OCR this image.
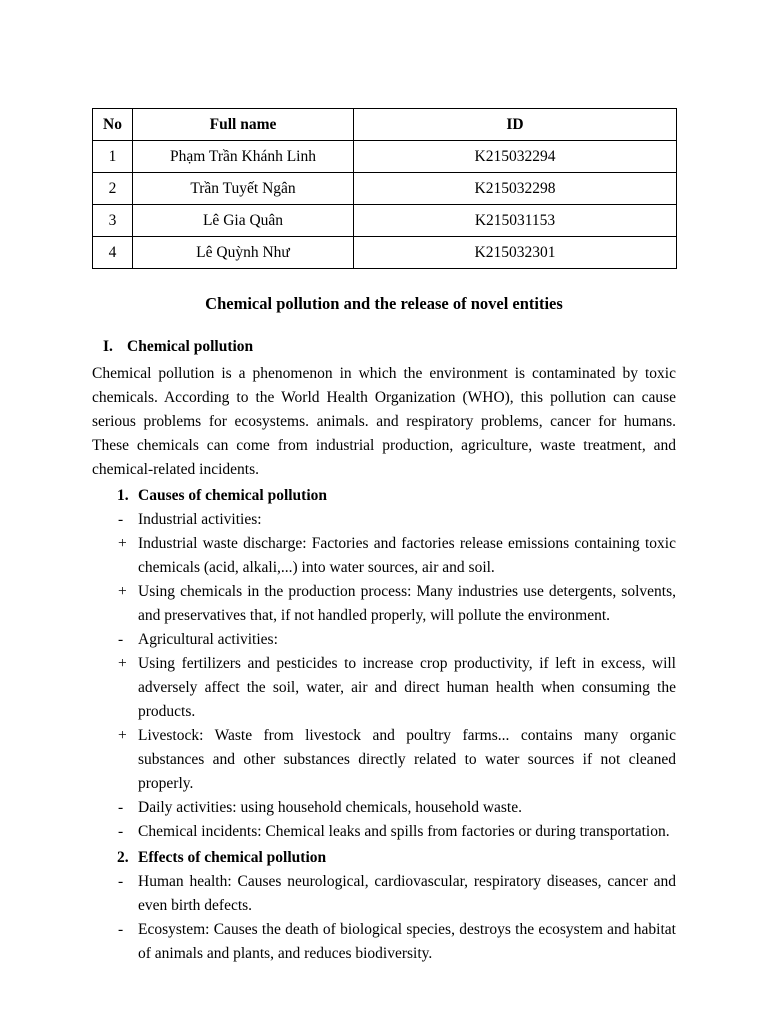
No	Full name	ID
1	Phạm Trần Khánh Linh	K215032294
2	Trần Tuyết Ngân	K215032298
3	Lê Gia Quân	K215031153
4	Lê Quỳnh Như	K215032301
Chemical pollution and the release of novel entities
I. Chemical pollution

Chemical pollution is a phenomenon in which the environment is contaminated by toxic chemicals. According to the World Health Organization (WHO), this pollution can cause serious problems for ecosystems. animals. and respiratory problems, cancer for humans. These chemicals can come from industrial production, agriculture, waste treatment, and chemical-related incidents.

1. Causes of chemical pollution
- Industrial activities:
+ Industrial waste discharge: Factories and factories release emissions containing toxic chemicals (acid, alkali,...) into water sources, air and soil.
+ Using chemicals in the production process: Many industries use detergents, solvents, and preservatives that, if not handled properly, will pollute the environment.
- Agricultural activities:
+ Using fertilizers and pesticides to increase crop productivity, if left in excess, will adversely affect the soil, water, air and direct human health when consuming the products.
+ Livestock: Waste from livestock and poultry farms... contains many organic substances and other substances directly related to water sources if not cleaned properly.
- Daily activities: using household chemicals, household waste.
- Chemical incidents: Chemical leaks and spills from factories or during transportation.
2. Effects of chemical pollution
- Human health: Causes neurological, cardiovascular, respiratory diseases, cancer and even birth defects.
- Ecosystem: Causes the death of biological species, destroys the ecosystem and habitat of animals and plants, and reduces biodiversity.
